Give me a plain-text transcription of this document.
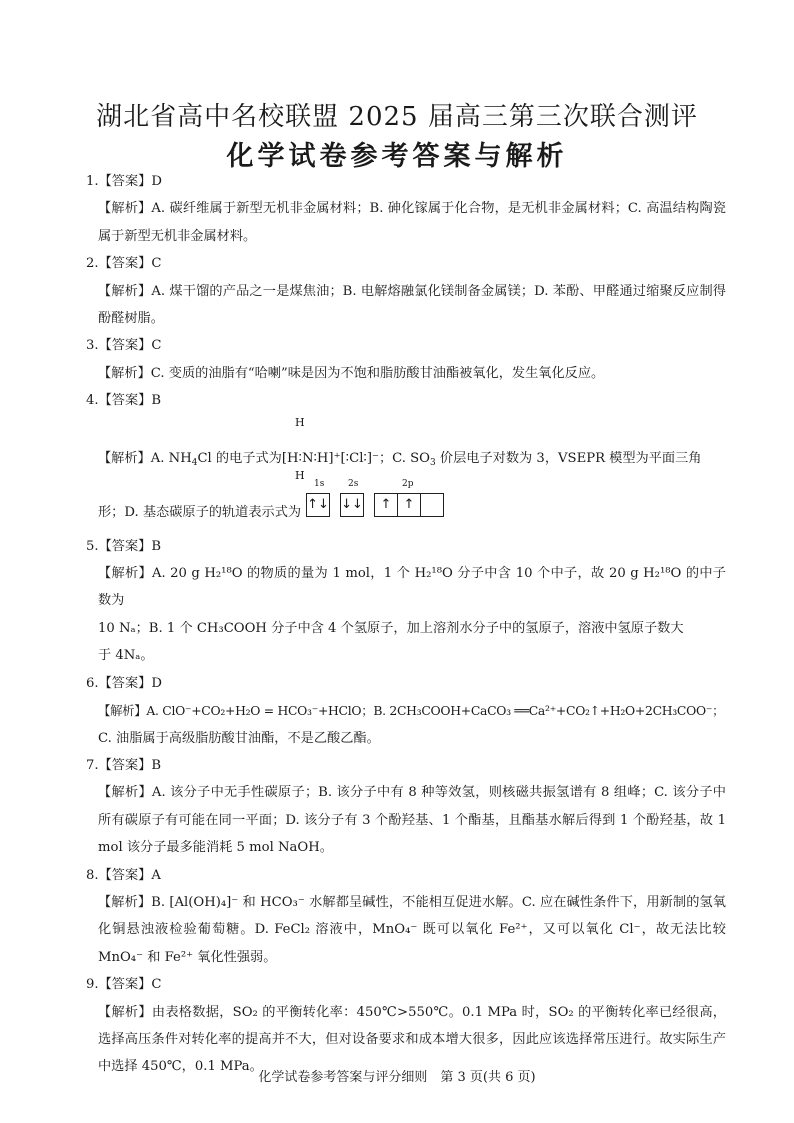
湖北省高中名校联盟 2025 届高三第三次联合测评
化学试卷参考答案与解析

1.【答案】D

【解析】A. 碳纤维属于新型无机非金属材料；B. 砷化镓属于化合物，是无机非金属材料；C. 高温结构陶瓷属于新型无机非金属材料。

2.【答案】C

【解析】A. 煤干馏的产品之一是煤焦油；B. 电解熔融氯化镁制备金属镁；D. 苯酚、甲醛通过缩聚反应制得酚醛树脂。

3.【答案】C

【解析】C. 变质的油脂有“哈喇”味是因为不饱和脂肪酸甘油酯被氧化，发生氧化反应。

4.【答案】B

H
H
【解析】A. $NH_4Cl$ 的电子式为[H∶N∶H]⁺[∶Cl∶]⁻；C. $SO_3$ 价层电子对数为 3，VSEPR 模型为平面三角
形；D. 基态碳原子的轨道表示式为
1s	2s	2p
↑↓ ↓↓	↑ ↑

5.【答案】B

【解析】A. 20 g H₂¹⁸O 的物质的量为 1 mol，1 个 H₂¹⁸O 分子中含 10 个中子，故 20 g H₂¹⁸O 的中子数为

10 Nₐ；B. 1 个 CH₃COOH 分子中含 4 个氢原子，加上溶剂水分子中的氢原子，溶液中氢原子数大

于 4Nₐ。

6.【答案】D

【解析】A. ClO⁻+CO₂+H₂O = HCO₃⁻+HClO；B. 2CH₃COOH+CaCO₃ ══Ca²⁺+CO₂↑+H₂O+2CH₃COO⁻；

C. 油脂属于高级脂肪酸甘油酯，不是乙酸乙酯。

7.【答案】B

【解析】A. 该分子中无手性碳原子；B. 该分子中有 8 种等效氢，则核磁共振氢谱有 8 组峰；C. 该分子中所有碳原子有可能在同一平面；D. 该分子有 3 个酚羟基、1 个酯基，且酯基水解后得到 1 个酚羟基，故 1 mol 该分子最多能消耗 5 mol NaOH。

8.【答案】A

【解析】B. [Al(OH)₄]⁻ 和 HCO₃⁻ 水解都呈碱性，不能相互促进水解。C. 应在碱性条件下，用新制的氢氧化铜悬浊液检验葡萄糖。D. FeCl₂ 溶液中，MnO₄⁻ 既可以氧化 Fe²⁺，又可以氧化 Cl⁻，故无法比较 MnO₄⁻ 和 Fe²⁺ 氧化性强弱。

9.【答案】C

【解析】由表格数据，SO₂ 的平衡转化率：450℃>550℃。0.1 MPa 时，SO₂ 的平衡转化率已经很高，选择高压条件对转化率的提高并不大，但对设备要求和成本增大很多，因此应该选择常压进行。故实际生产中选择 450℃，0.1 MPa。

化学试卷参考答案与评分细则　第 3 页(共 6 页)
